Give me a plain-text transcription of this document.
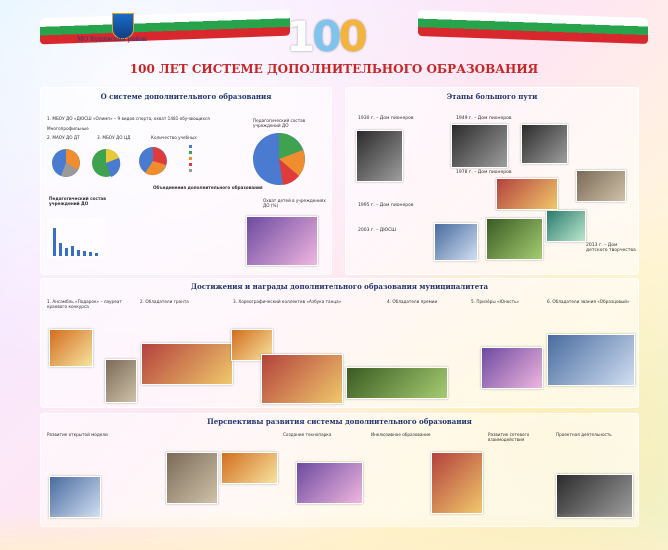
МО Кущёвский район	100
100 ЛЕТ СИСТЕМЕ ДОПОЛНИТЕЛЬНОГО ОБРАЗОВАНИЯ
О системе дополнительного образования
1. МБОУ ДО «ДЮСШ «Олимп» – 9 видов спорта, охват 1481 обучающихся
Многопрофильные
2. МАОУ ДО ДТ	3. МБОУ ДО ЦД	Количество учебных
Педагогический состав учреждений ДО
Педагогический состав учреждений ДО
Охват детей в учреждениях ДО (%)
Объединения дополнительного образования
Этапы большого пути
1930 г. – Дом пионеров	1949 г. – Дом пионеров
1978 г. – Дом пионеров
1995 г. – Дом пионеров
2003 г. – ДЮСШ
2013 г. – Дом детского творчества
Достижения и награды дополнительного образования муниципалитета
1. Ансамбль «Подарок» – лауреат краевого конкурса
2. Обладатели гранта	3. Хореографический коллектив «Азбука танца»	4. Обладатели премии	5. Призёры «Юность»	6. Обладатели звания «Образцовый»
Перспективы развития системы дополнительного образования
Развитие открытой модели	Создание технопарка	Инклюзивное образование	Развитие сетевого взаимодействия
Проектная деятельность
